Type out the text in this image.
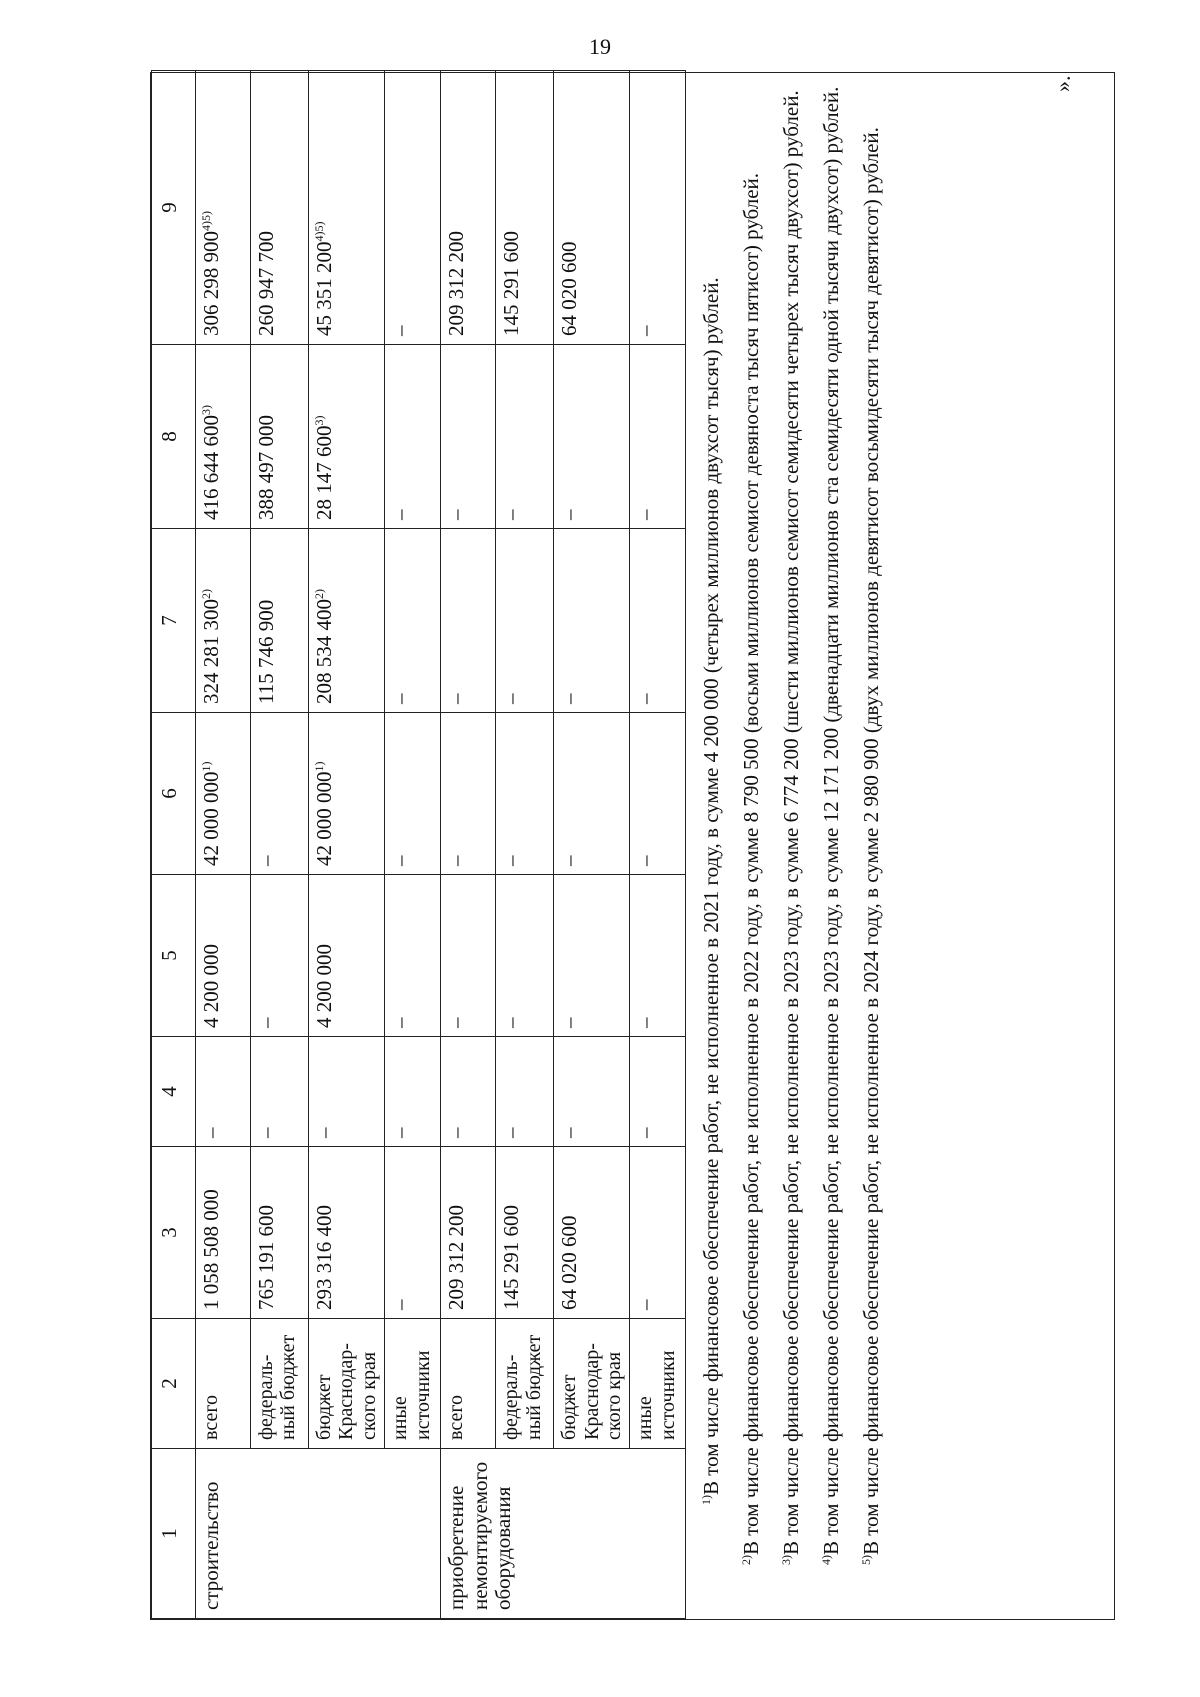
19
1	2	3	4	5	6	7	8	9
строительство	всего	1 058 508 000	–	4 200 000	42 000 000$^{1)}$	324 281 300$^{2)}$	416 644 600$^{3)}$	306 298 $900^{4)5)}$
	федераль-ный бюджет	765 191 600	–	–	–	115 746 900	388 497 000	260 947 700
	бюджет Краснодар-ского края	293 316 400	–	4 200 000	42 000 000$^{1)}$	208 534 400$^{2)}$	28 147 600$^{3)}$	45 351 $200^{4)5)}$
	иные источники	–	–	–	–	–	–	–
приобретение немонтируемого оборудования	всего	209 312 200	–	–	–	–	–	209 312 200
	федераль-ный бюджет	145 291 600	–	–	–	–	–	145 291 600
	бюджет Краснодар-ского края	64 020 600	–	–	–	–	–	64 020 600
	иные источники	–	–	–	–	–	–	–

$^{1)}$В том числе финансовое обеспечение работ, не исполненное в 2021 году, в сумме 4 200 000 (четырех миллионов двухсот тысяч) рублей.

$^{2)}$В том числе финансовое обеспечение работ, не исполненное в 2022 году, в сумме 8 790 500 (восьми миллионов семисот девяноста тысяч пятисот) рублей.

$^{3)}$В том числе финансовое обеспечение работ, не исполненное в 2023 году, в сумме 6 774 200 (шести миллионов семисот семидесяти четырех тысяч двухсот) рублей.

$^{4)}$В том числе финансовое обеспечение работ, не исполненное в 2023 году, в сумме 12 171 200 (двенадцати миллионов ста семидесяти одной тысячи двухсот) рублей.

$^{5)}$В том числе финансовое обеспечение работ, не исполненное в 2024 году, в сумме 2 980 900 (двух миллионов девятисот восьмидесяти тысяч девятисот) рублей.

».
